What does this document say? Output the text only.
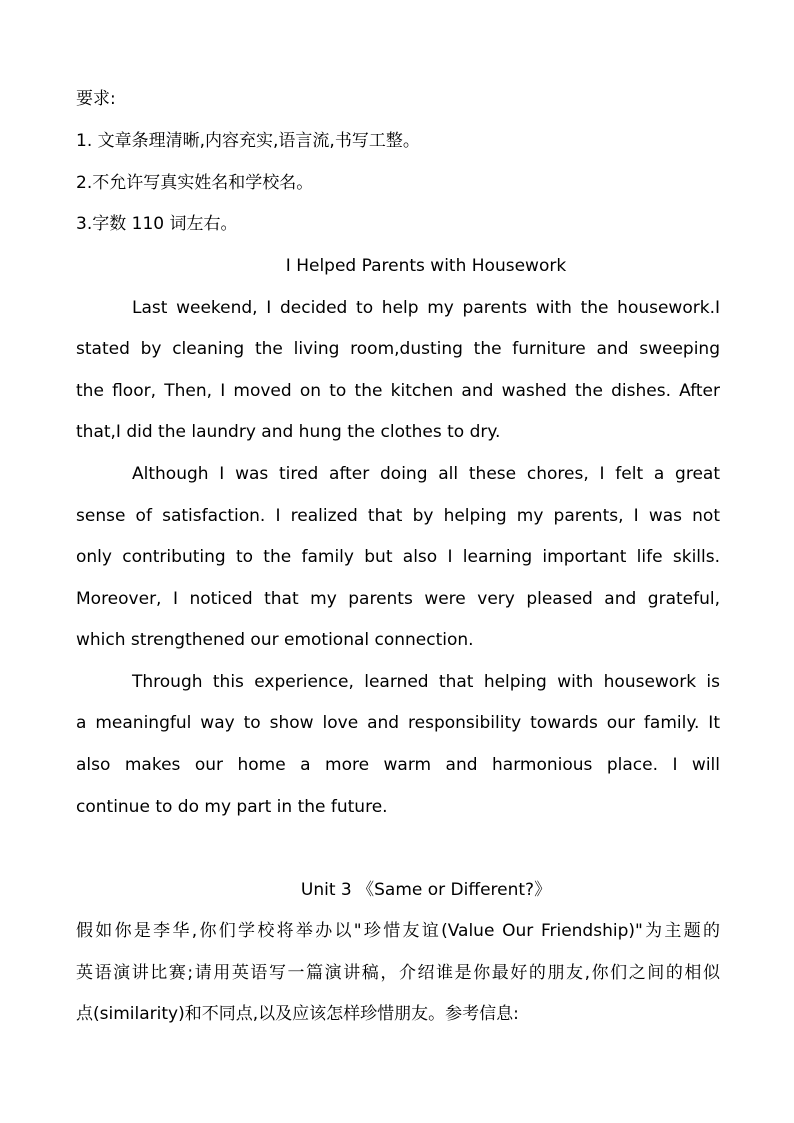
要求:
1. 文章条理清晰,内容充实,语言流,书写工整。
2.不允许写真实姓名和学校名。
3.字数 110 词左右。
I Helped Parents with Housework
Last weekend, I decided to help my parents with the housework.I
stated by cleaning the living room,dusting the furniture and sweeping
the floor, Then, I moved on to the kitchen and washed the dishes. After
that,I did the laundry and hung the clothes to dry.
Although I was tired after doing all these chores, I felt a great
sense of satisfaction. I realized that by helping my parents, I was not
only contributing to the family but also I learning important life skills.
Moreover, I noticed that my parents were very pleased and grateful,
which strengthened our emotional connection.
Through this experience, learned that helping with housework is
a meaningful way to show love and responsibility towards our family. It
also makes our home a more warm and harmonious place. I will
continue to do my part in the future.
Unit 3 《Same or Different?》
假如你是李华,你们学校将举办以"珍惜友谊(Value Our Friendship)"为主题的
英语演讲比赛;请用英语写一篇演讲稿，介绍谁是你最好的朋友,你们之间的相似
点(similarity)和不同点,以及应该怎样珍惜朋友。参考信息:
